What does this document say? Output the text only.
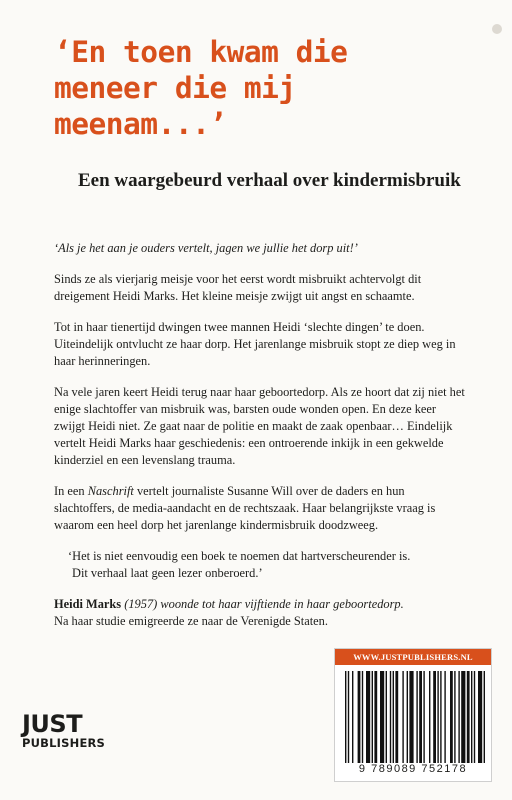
‘En toen kwam die
meneer die mij
meenam...’
Een waargebeurd verhaal over kindermisbruik

‘Als je het aan je ouders vertelt, jagen we jullie het dorp uit!’

Sinds ze als vierjarig meisje voor het eerst wordt misbruikt achtervolgt dit dreigement Heidi Marks. Het kleine meisje zwijgt uit angst en schaamte.

Tot in haar tienertijd dwingen twee mannen Heidi ‘slechte dingen’ te doen. Uiteindelijk ontvlucht ze haar dorp. Het jarenlange misbruik stopt ze diep weg in haar herinneringen.

Na vele jaren keert Heidi terug naar haar geboortedorp. Als ze hoort dat zij niet het enige slachtoffer van misbruik was, barsten oude wonden open. En deze keer zwijgt Heidi niet. Ze gaat naar de politie en maakt de zaak openbaar… Eindelijk vertelt Heidi Marks haar geschiedenis: een ontroerende inkijk in een gekwelde kinderziel en een levenslang trauma.

In een Naschrift vertelt journaliste Susanne Will over de daders en hun slachtoffers, de media-aandacht en de rechtszaak. Haar belangrijkste vraag is waarom een heel dorp het jarenlange kindermisbruik doodzweeg.

‘Het is niet eenvoudig een boek te noemen dat hartverscheurender is.
Dit verhaal laat geen lezer onberoerd.’

Heidi Marks (1957) woonde tot haar vijftiende in haar geboortedorp.
Na haar studie emigreerde ze naar de Verenigde Staten.

JUST
PUBLISHERS
WWW.JUSTPUBLISHERS.NL
9 789089 752178
